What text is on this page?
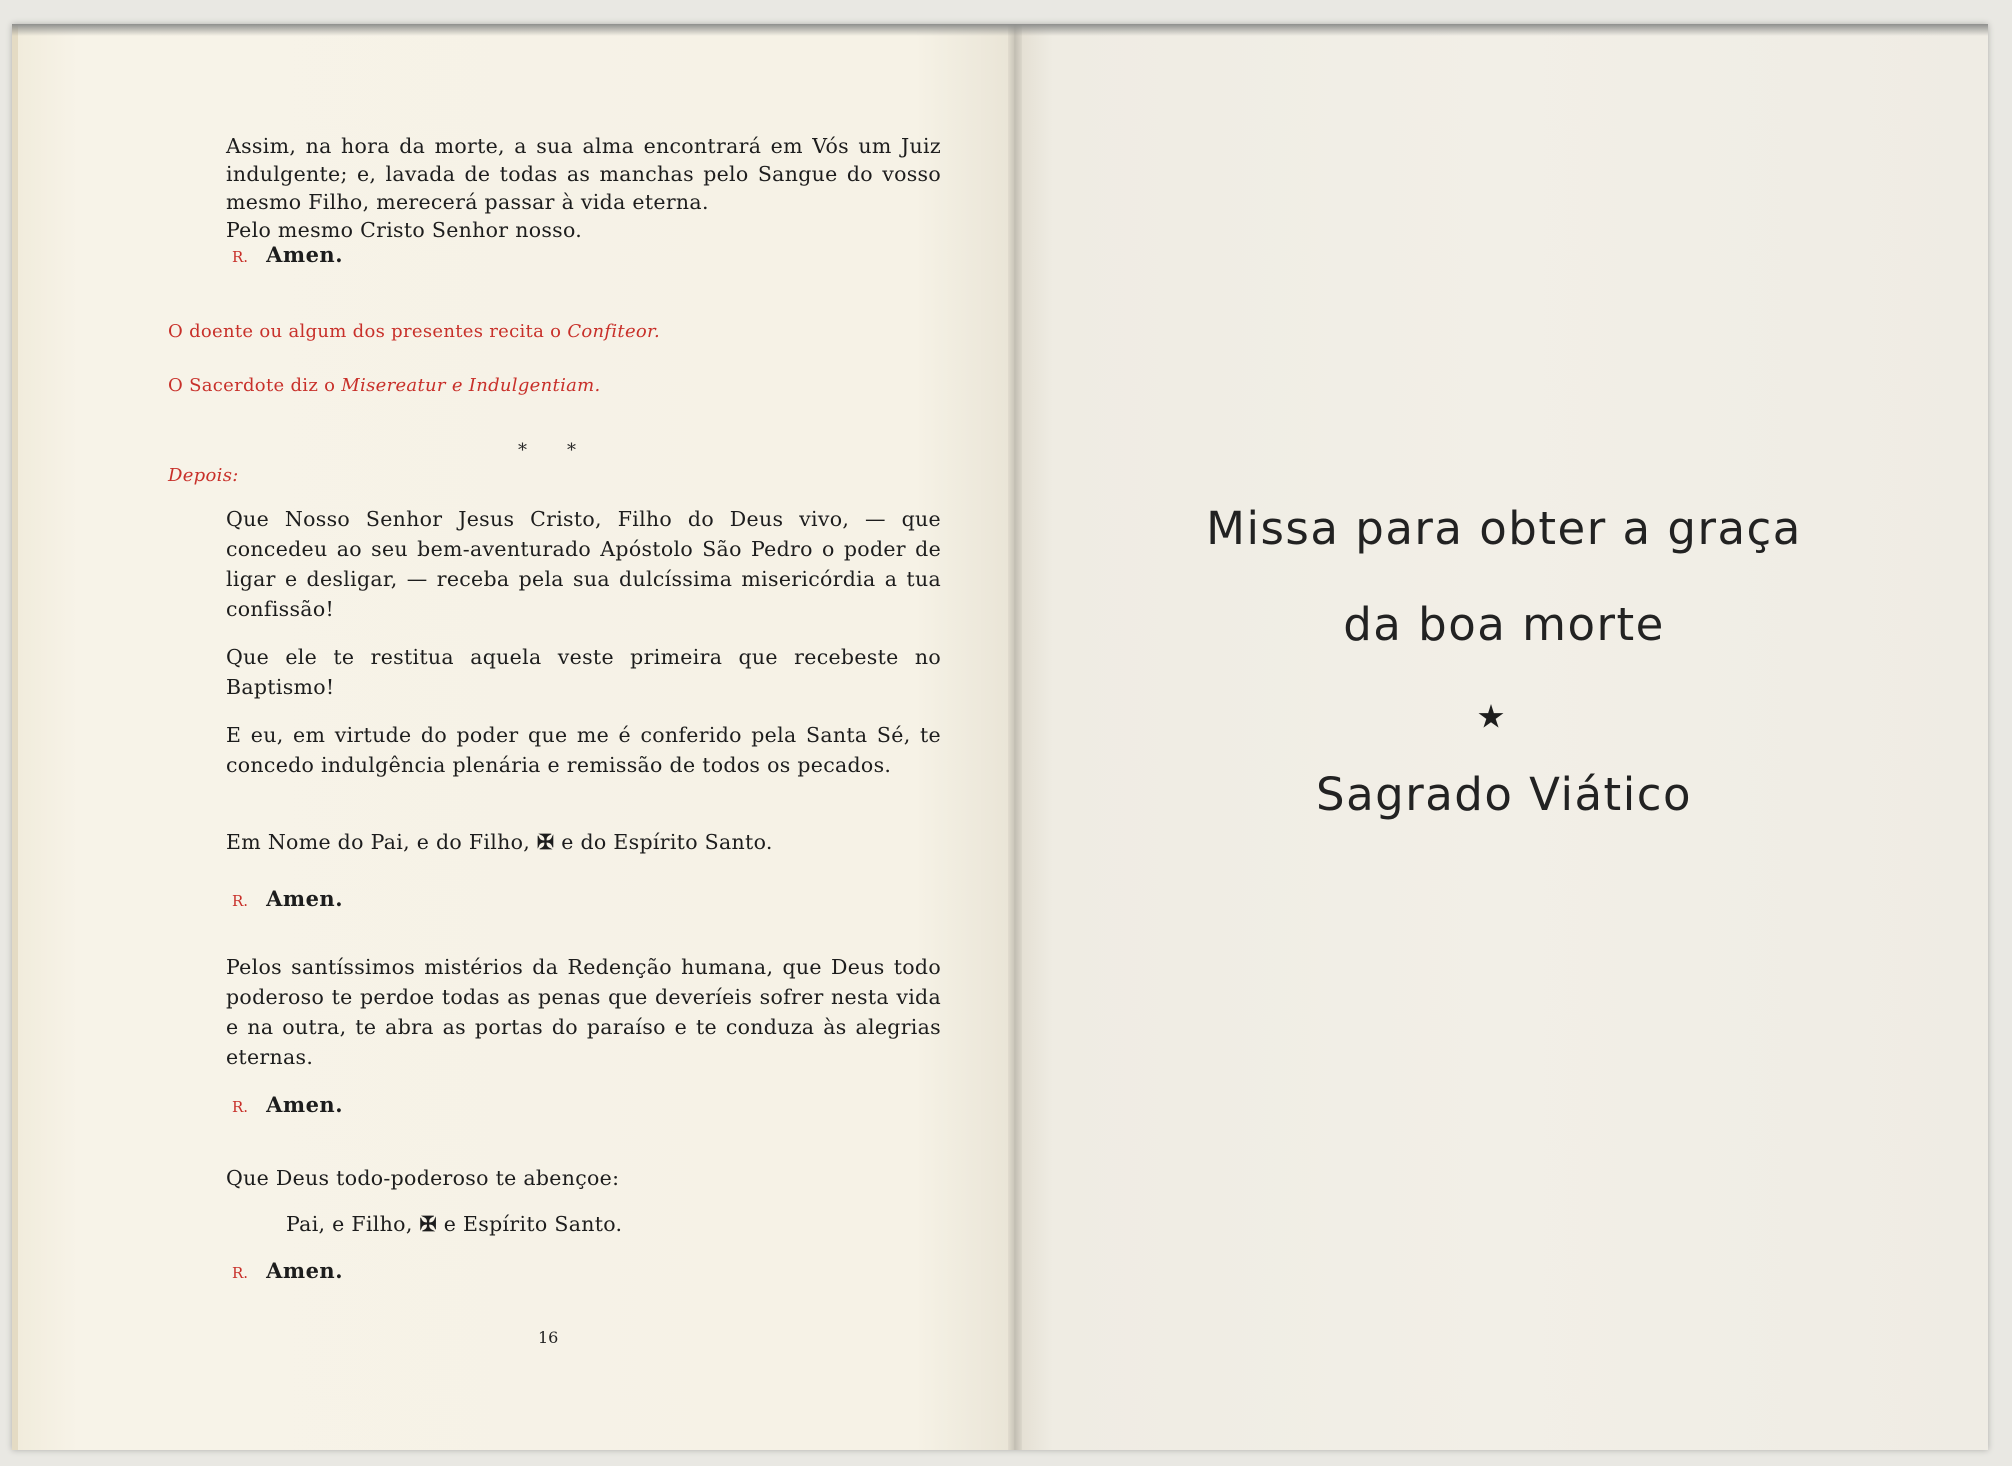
Assim, na hora da morte, a sua alma encontrará em Vós um Juiz indulgente; e, lavada de todas as manchas pelo Sangue do vosso mesmo Filho, merecerá passar à vida eterna.
Pelo mesmo Cristo Senhor nosso.

R. Amen.

O doente ou algum dos presentes recita o Confiteor.

O Sacerdote diz o Misereatur e Indulgentiam.

*       *

Depois:

Que Nosso Senhor Jesus Cristo, Filho do Deus vivo, — que concedeu ao seu bem-aventurado Apóstolo São Pedro o poder de ligar e desligar, — receba pela sua dulcíssima misericórdia a tua confissão!

Que ele te restitua aquela veste primeira que recebeste no Baptismo!

E eu, em virtude do poder que me é conferido pela Santa Sé, te concedo indulgência plenária e remissão de todos os pecados.

Em Nome do Pai, e do Filho, ✠ e do Espírito Santo.

R. Amen.

Pelos santíssimos mistérios da Redenção humana, que Deus todo poderoso te perdoe todas as penas que deveríeis sofrer nesta vida e na outra, te abra as portas do paraíso e te conduza às alegrias eternas.

R. Amen.

Que Deus todo-poderoso te abençoe:

Pai, e Filho, ✠ e Espírito Santo.

R. Amen.
16

Missa para obter a graça

da boa morte

Sagrado Viático
